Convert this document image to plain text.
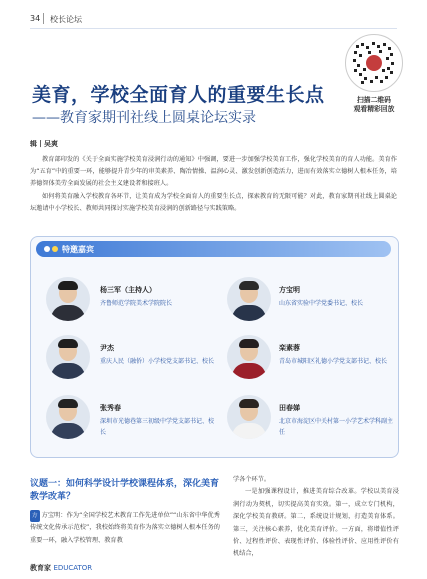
34 校长论坛
扫描二维码
观看精彩回放
美育，学校全面育人的重要生长点
——教育家期刊社线上圆桌论坛实录
辑丨吴爽

教育部印发的《关于全面实施学校美育浸润行动的通知》中强调，要进一步加强学校美育工作，强化学校美育的育人功能。美育作为“五育”中的重要一环，能够提升青少年的审美素养、陶冶情操、温润心灵、激发创新创造活力，进而有效落实立德树人根本任务，培养德智体美劳全面发展的社会主义建设者和接班人。

如何将美育融入学校教育各环节，让美育成为学校全面育人的重要生长点，探索教育的无限可能？对此，教育家期刊社线上圆桌论坛邀请中小学校长、教师共同探讨实施学校美育浸润的创新路径与实践策略。

特邀嘉宾
杨三军（主持人）
齐鲁师范学院美术学院院长
方宝明
山东省实验中学党委书记、校长
尹杰
重庆人民（融侨）小学校党支部书记、校长
栾素蓉
青岛市城阳区礼德小学党支部书记、校长
张秀春
深圳市光德巷第三初级中学党支部书记、校长
田春娣
北京市海淀区中关村第一小学艺术学科副主任
议题一：如何科学设计学校课程体系，深化美育教学改革？
方 方宝明：作为“全国学校艺术教育工作先进单位”“山东省中华优秀传统文化传承示范校”，我校始终将美育作为落实立德树人根本任务的重要一环，融入学校管理、教育教
学各个环节。
一是加强课程设计，推进美育综合改革。学校以美育浸润行动为契机，切实提高美育实效。第一，成立专门机构，深化学校美育教研。第二，系统设计规划，打造美育体系。第三，关注核心素养，优化美育评价。一方面，将增值性评价、过程性评价、表现性评价、体验性评价、应用性评价有机结合，
教育家 EDUCATOR
